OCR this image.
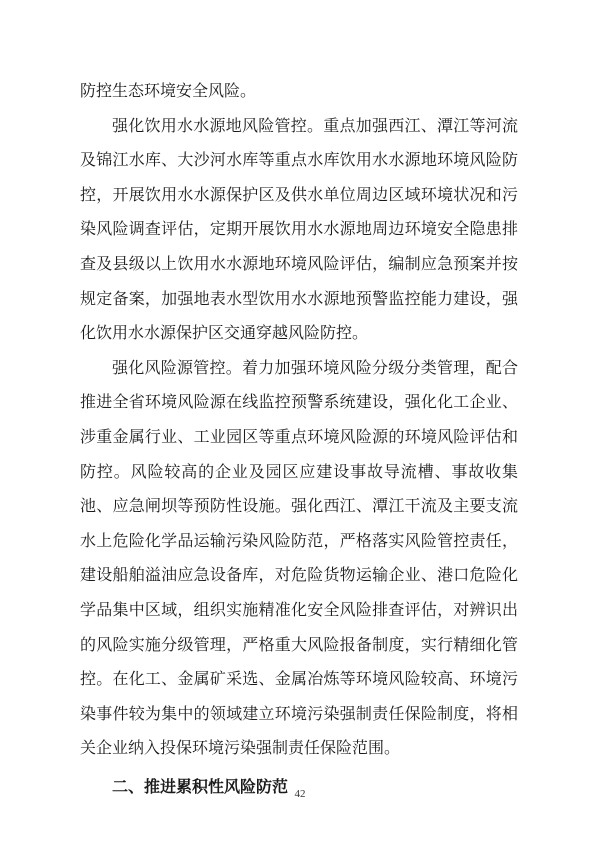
防控生态环境安全风险。

强化饮用水水源地风险管控。重点加强西江、潭江等河流及锦江水库、大沙河水库等重点水库饮用水水源地环境风险防控，开展饮用水水源保护区及供水单位周边区域环境状况和污染风险调查评估，定期开展饮用水水源地周边环境安全隐患排查及县级以上饮用水水源地环境风险评估，编制应急预案并按规定备案，加强地表水型饮用水水源地预警监控能力建设，强化饮用水水源保护区交通穿越风险防控。

强化风险源管控。着力加强环境风险分级分类管理，配合推进全省环境风险源在线监控预警系统建设，强化化工企业、涉重金属行业、工业园区等重点环境风险源的环境风险评估和防控。风险较高的企业及园区应建设事故导流槽、事故收集池、应急闸坝等预防性设施。强化西江、潭江干流及主要支流水上危险化学品运输污染风险防范，严格落实风险管控责任，建设船舶溢油应急设备库，对危险货物运输企业、港口危险化学品集中区域，组织实施精准化安全风险排查评估，对辨识出的风险实施分级管理，严格重大风险报备制度，实行精细化管控。在化工、金属矿采选、金属冶炼等环境风险较高、环境污染事件较为集中的领域建立环境污染强制责任保险制度，将相关企业纳入投保环境污染强制责任保险范围。

二、推进累积性风险防范 42
